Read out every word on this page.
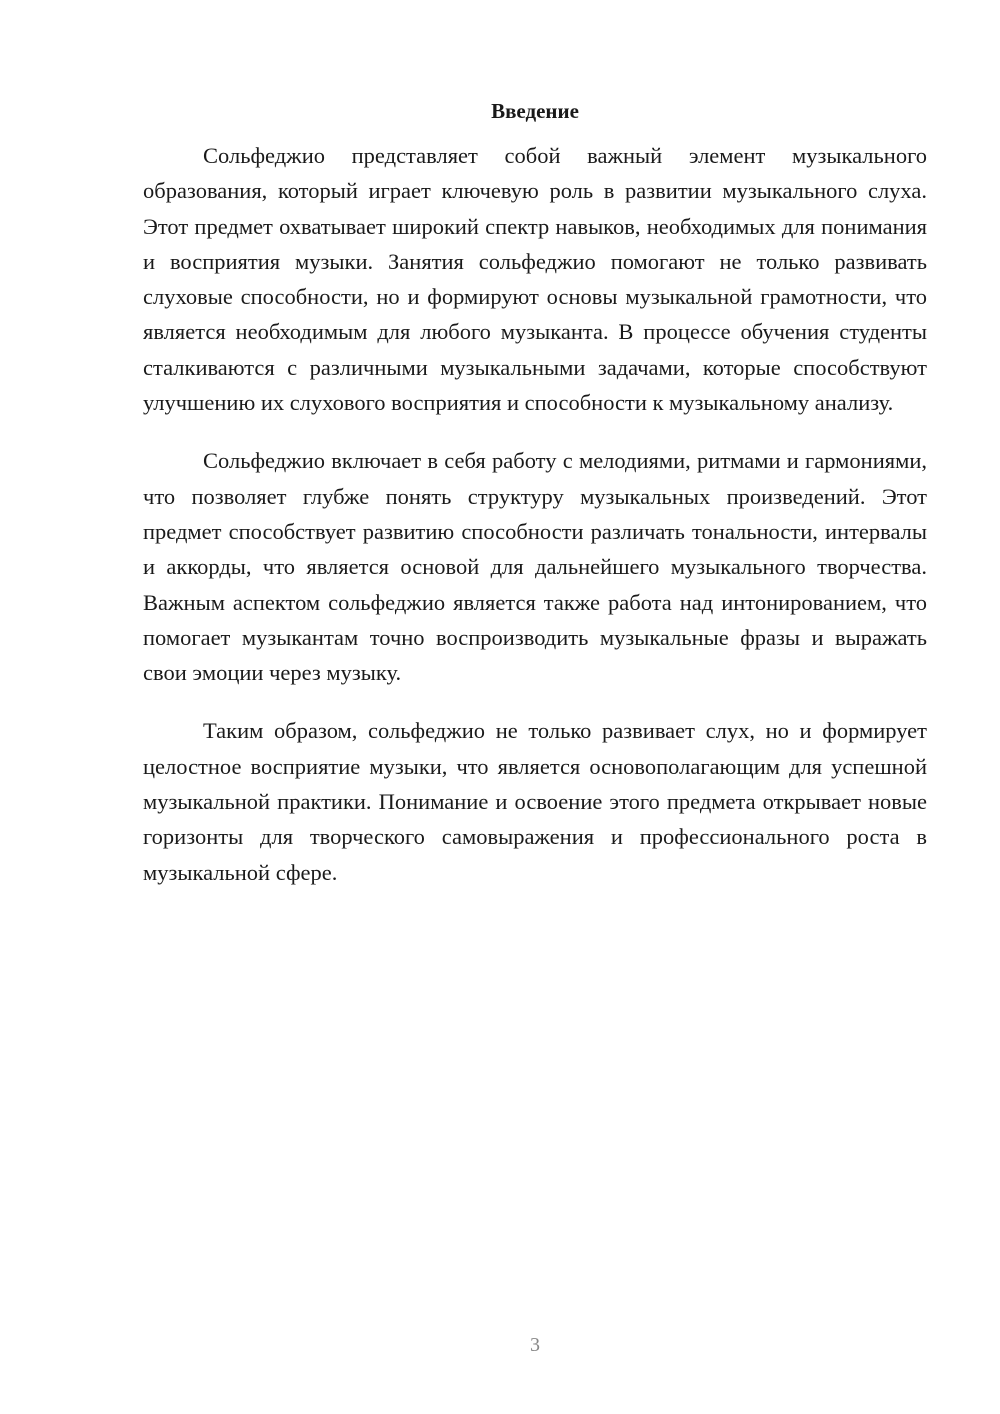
Введение

Сольфеджио представляет собой важный элемент музыкального образования, который играет ключевую роль в развитии музыкального слуха. Этот предмет охватывает широкий спектр навыков, необходимых для понимания и восприятия музыки. Занятия сольфеджио помогают не только развивать слуховые способности, но и формируют основы музыкальной грамотности, что является необходимым для любого музыканта. В процессе обучения студенты сталкиваются с различными музыкальными задачами, которые способствуют улучшению их слухового восприятия и способности к музыкальному анализу.

Сольфеджио включает в себя работу с мелодиями, ритмами и гармониями, что позволяет глубже понять структуру музыкальных произведений. Этот предмет способствует развитию способности различать тональности, интервалы и аккорды, что является основой для дальнейшего музыкального творчества. Важным аспектом сольфеджио является также работа над интонированием, что помогает музыкантам точно воспроизводить музыкальные фразы и выражать свои эмоции через музыку.

Таким образом, сольфеджио не только развивает слух, но и формирует целостное восприятие музыки, что является основополагающим для успешной музыкальной практики. Понимание и освоение этого предмета открывает новые горизонты для творческого самовыражения и профессионального роста в музыкальной сфере.

3
